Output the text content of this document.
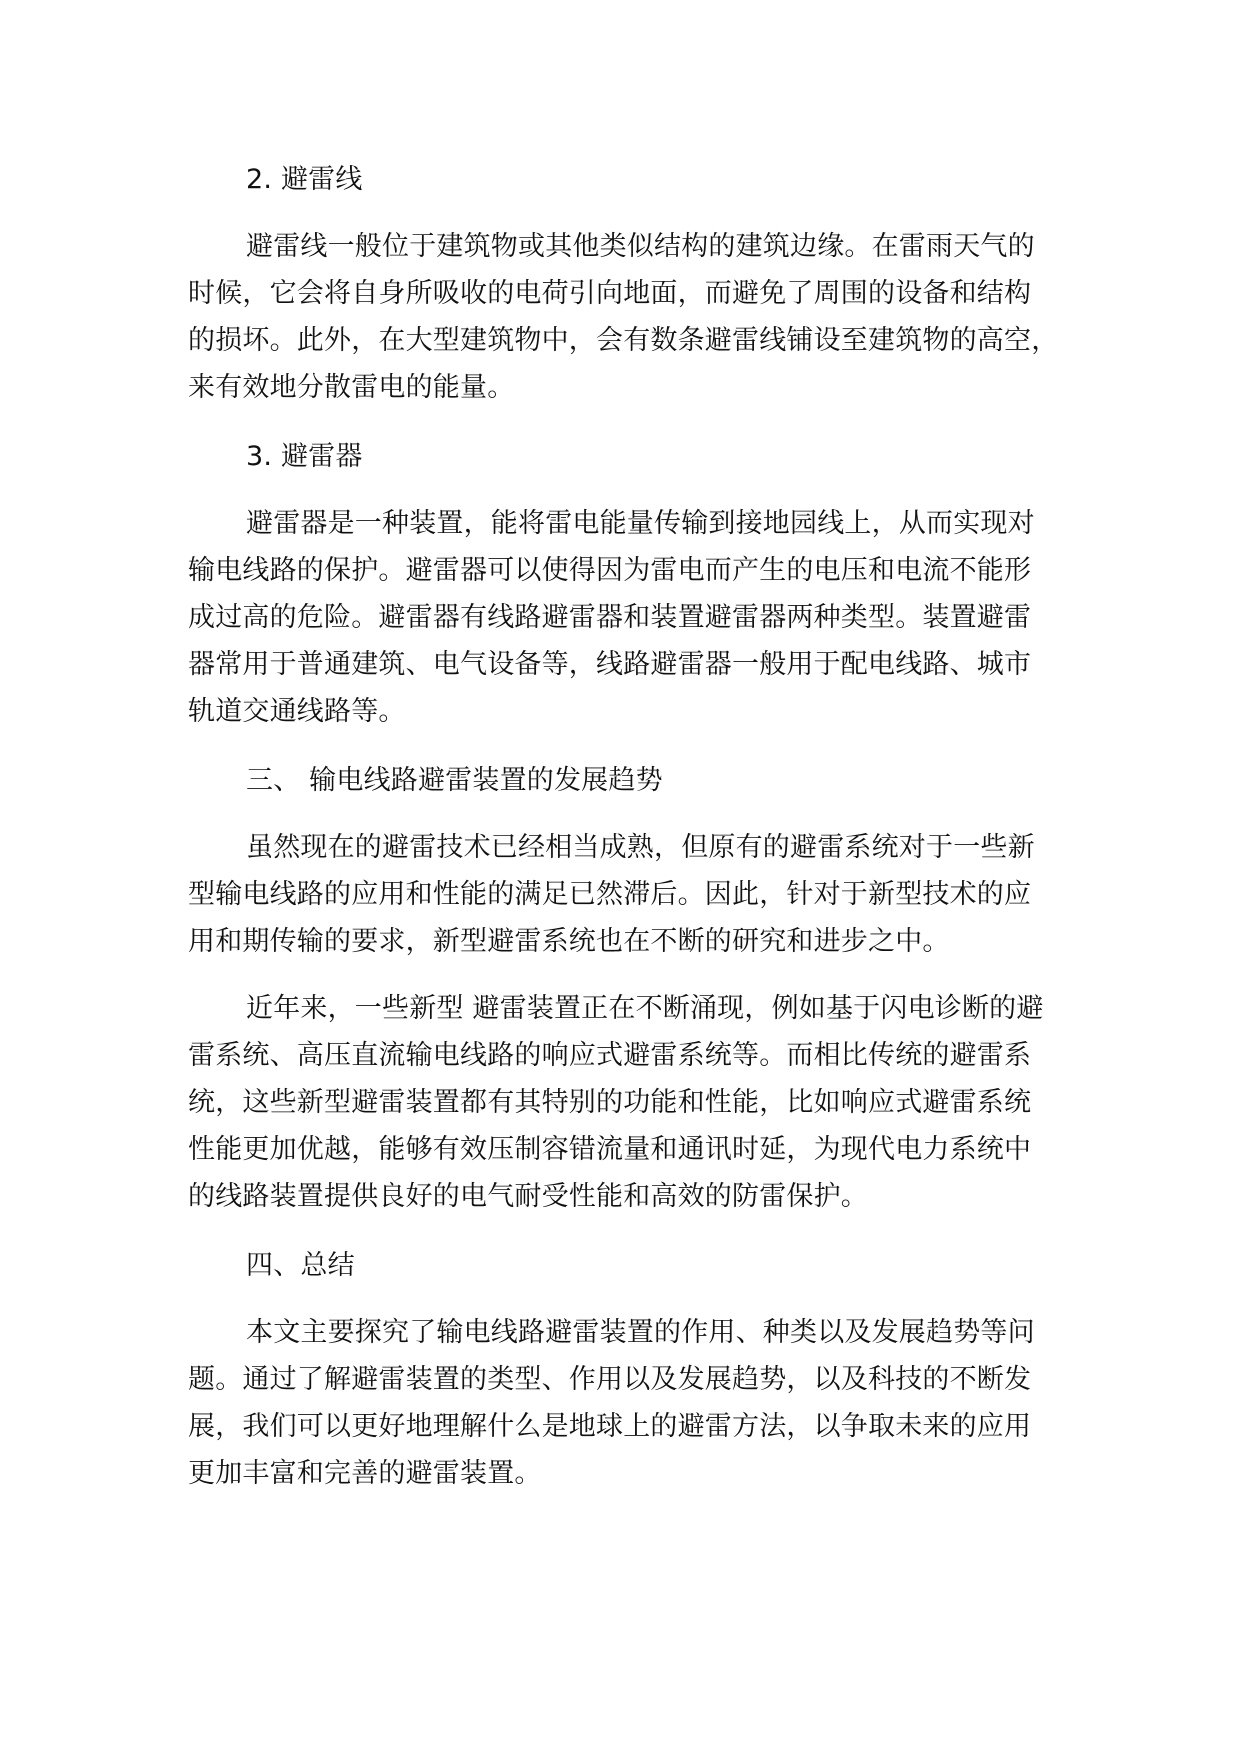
2. 避雷线
避雷线一般位于建筑物或其他类似结构的建筑边缘。在雷雨天气的
时候，它会将自身所吸收的电荷引向地面，而避免了周围的设备和结构
的损坏。此外，在大型建筑物中，会有数条避雷线铺设至建筑物的高空，
来有效地分散雷电的能量。
3. 避雷器
避雷器是一种装置，能将雷电能量传输到接地园线上，从而实现对
输电线路的保护。避雷器可以使得因为雷电而产生的电压和电流不能形
成过高的危险。避雷器有线路避雷器和装置避雷器两种类型。装置避雷
器常用于普通建筑、电气设备等，线路避雷器一般用于配电线路、城市
轨道交通线路等。
三、 输电线路避雷装置的发展趋势
虽然现在的避雷技术已经相当成熟，但原有的避雷系统对于一些新
型输电线路的应用和性能的满足已然滞后。因此，针对于新型技术的应
用和期传输的要求，新型避雷系统也在不断的研究和进步之中。
近年来，一些新型 避雷装置正在不断涌现，例如基于闪电诊断的避
雷系统、高压直流输电线路的响应式避雷系统等。而相比传统的避雷系
统，这些新型避雷装置都有其特别的功能和性能，比如响应式避雷系统
性能更加优越，能够有效压制容错流量和通讯时延，为现代电力系统中
的线路装置提供良好的电气耐受性能和高效的防雷保护。
四、总结
本文主要探究了输电线路避雷装置的作用、种类以及发展趋势等问
题。通过了解避雷装置的类型、作用以及发展趋势，以及科技的不断发
展，我们可以更好地理解什么是地球上的避雷方法，以争取未来的应用
更加丰富和完善的避雷装置。
